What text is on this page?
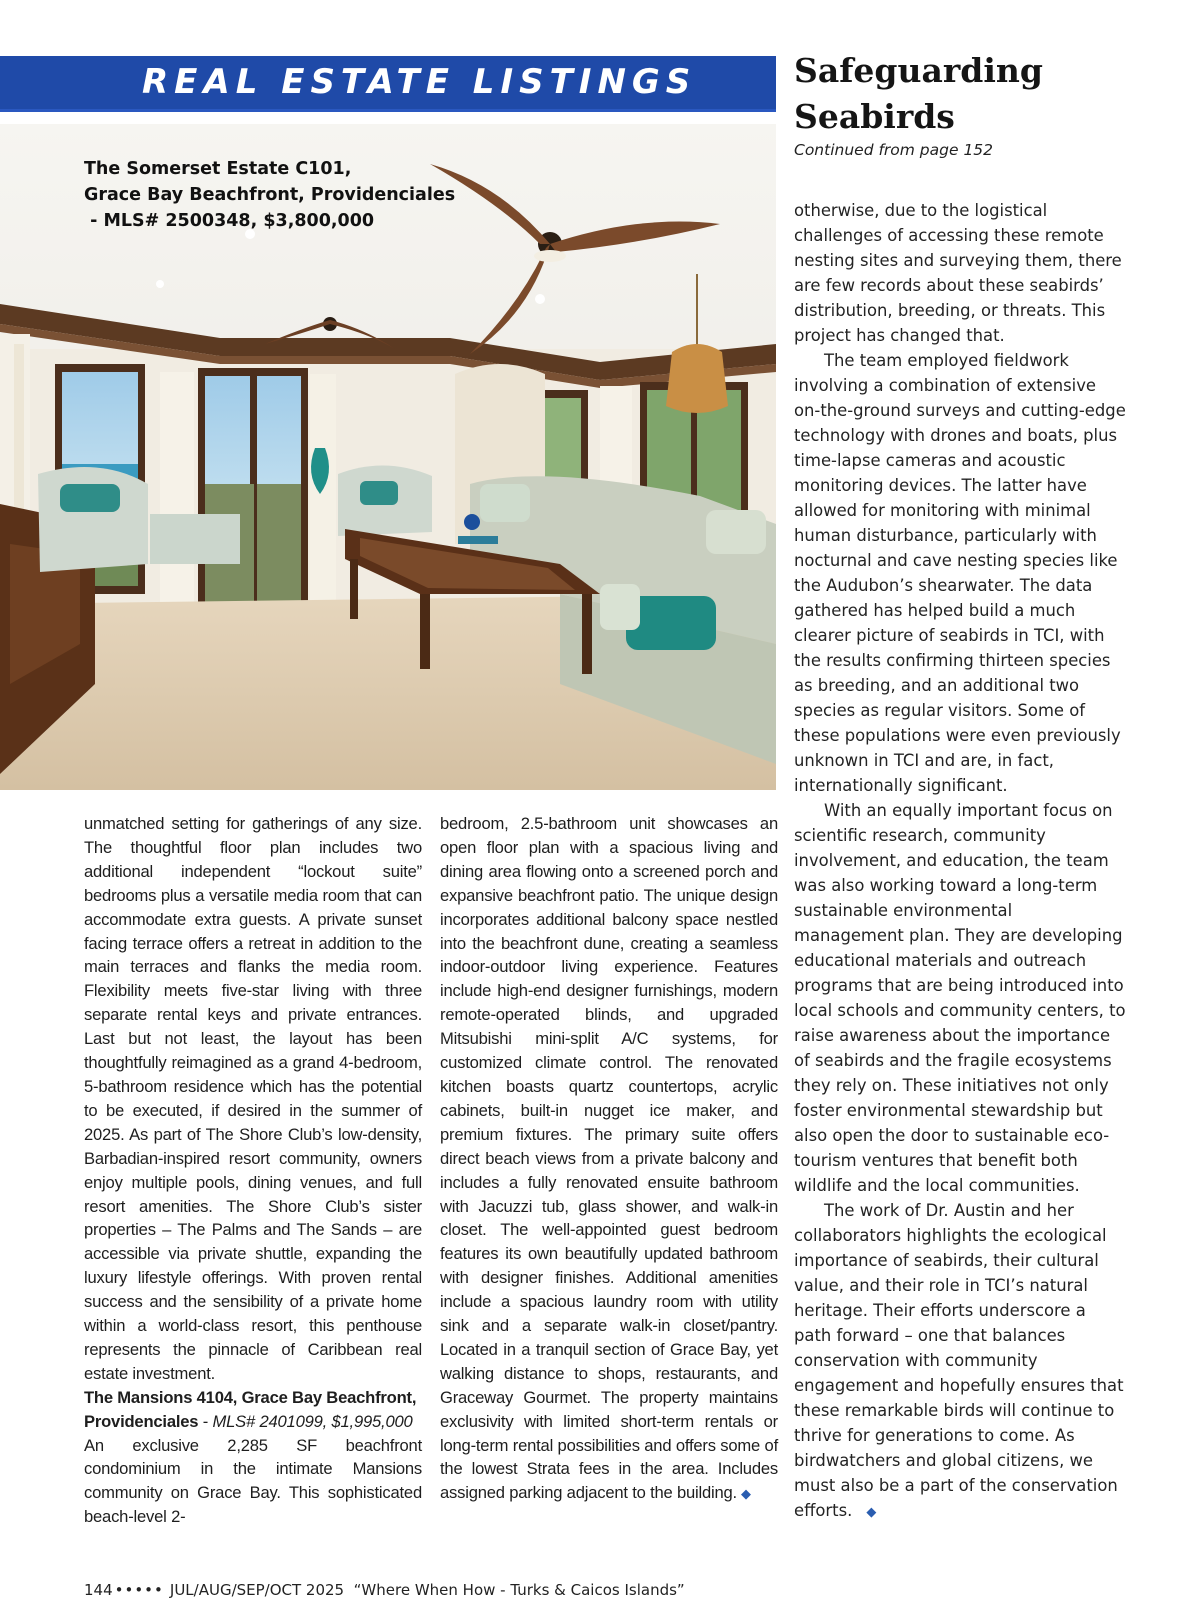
REAL ESTATE LISTINGS
The Somerset Estate C101,
Grace Bay Beachfront, Providenciales
- MLS# 2500348, $3,800,000

unmatched setting for gatherings of any size. The thoughtful floor plan includes two additional independent “lockout suite” bedrooms plus a versatile media room that can accommodate extra guests. A private sunset facing terrace offers a retreat in addition to the main terraces and flanks the media room. Flexibility meets five-star living with three separate rental keys and private entrances. Last but not least, the layout has been thoughtfully reimagined as a grand 4-bedroom, 5-bathroom residence which has the potential to be executed, if desired in the summer of 2025. As part of The Shore Club’s low-density, Barbadian-inspired resort community, owners enjoy multiple pools, dining venues, and full resort amenities. The Shore Club’s sister properties – The Palms and The Sands – are accessible via private shuttle, expanding the luxury lifestyle offerings. With proven rental success and the sensibility of a private home within a world-class resort, this penthouse represents the pinnacle of Caribbean real estate investment.

The Mansions 4104, Grace Bay Beachfront, Providenciales - MLS# 2401099, $1,995,000

An exclusive 2,285 SF beachfront condominium in the intimate Mansions community on Grace Bay. This sophisticated beach-level 2-

bedroom, 2.5-bathroom unit showcases an open floor plan with a spacious living and dining area flowing onto a screened porch and expansive beachfront patio. The unique design incorporates additional balcony space nestled into the beachfront dune, creating a seamless indoor-outdoor living experience. Features include high-end designer furnishings, modern remote-operated blinds, and upgraded Mitsubishi mini-split A/C systems, for customized climate control. The renovated kitchen boasts quartz countertops, acrylic cabinets, built-in nugget ice maker, and premium fixtures. The primary suite offers direct beach views from a private balcony and includes a fully renovated ensuite bathroom with Jacuzzi tub, glass shower, and walk-in closet. The well-appointed guest bedroom features its own beautifully updated bathroom with designer finishes. Additional amenities include a spacious laundry room with utility sink and a separate walk-in closet/pantry. Located in a tranquil section of Grace Bay, yet walking distance to shops, restaurants, and Graceway Gourmet. The property maintains exclusivity with limited short-term rentals or long-term rental possibilities and offers some of the lowest Strata fees in the area. Includes assigned parking adjacent to the building. ◆

Safeguarding Seabirds
Continued from page 152

otherwise, due to the logistical challenges of accessing these remote nesting sites and surveying them, there are few records about these seabirds’ distribution, breeding, or threats. This project has changed that.

The team employed fieldwork involving a combination of extensive on-the-ground surveys and cutting-edge technology with drones and boats, plus time-lapse cameras and acoustic monitoring devices. The latter have allowed for monitoring with minimal human disturbance, particularly with nocturnal and cave nesting species like the Audubon’s shearwater. The data gathered has helped build a much clearer picture of seabirds in TCI, with the results confirming thirteen species as breeding, and an additional two species as regular visitors. Some of these populations were even previously unknown in TCI and are, in fact, internationally significant.

With an equally important focus on scientific research, community involvement, and education, the team was also working toward a long-term sustainable environmental management plan. They are developing educational materials and outreach programs that are being introduced into local schools and community centers, to raise awareness about the importance of seabirds and the fragile ecosystems they rely on. These initiatives not only foster environmental stewardship but also open the door to sustainable eco-tourism ventures that benefit both wildlife and the local communities.

The work of Dr. Austin and her collaborators highlights the ecological importance of seabirds, their cultural value, and their role in TCI’s natural heritage. Their efforts underscore a path forward – one that balances conservation with community engagement and hopefully ensures that these remarkable birds will continue to thrive for generations to come. As birdwatchers and global citizens, we must also be a part of the conservation efforts. ◆

144 ••••• JUL/AUG/SEP/OCT 2025 “Where When How - Turks & Caicos Islands”
